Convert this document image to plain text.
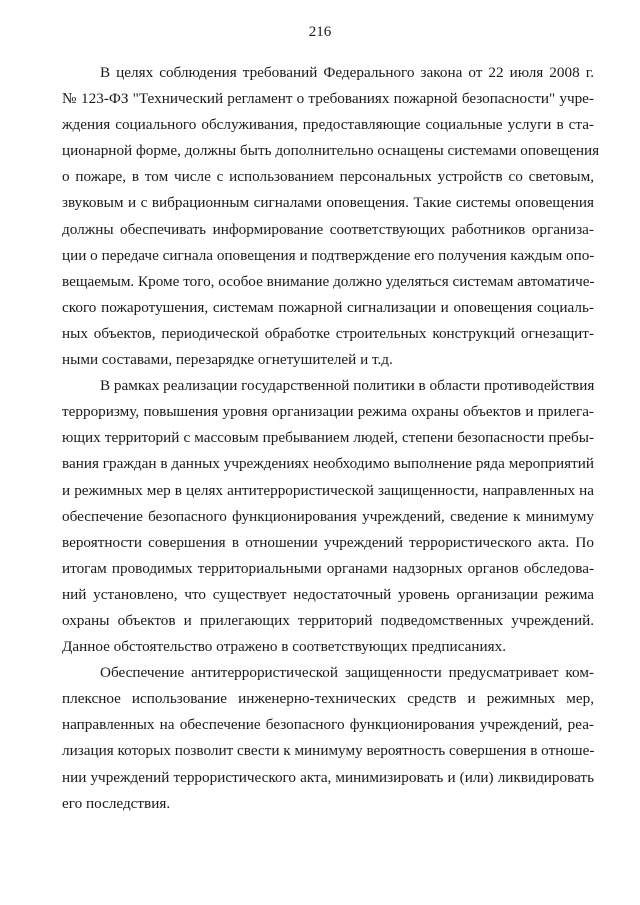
216
В целях соблюдения требований Федерального закона от 22 июля 2008 г.
№ 123-ФЗ "Технический регламент о требованиях пожарной безопасности" учре-
ждения социального обслуживания, предоставляющие социальные услуги в ста-
ционарной форме, должны быть дополнительно оснащены системами оповещения
о пожаре, в том числе с использованием персональных устройств со световым,
звуковым и с вибрационным сигналами оповещения. Такие системы оповещения
должны обеспечивать информирование соответствующих работников организа-
ции о передаче сигнала оповещения и подтверждение его получения каждым опо-
вещаемым. Кроме того, особое внимание должно уделяться системам автоматиче-
ского пожаротушения, системам пожарной сигнализации и оповещения социаль-
ных объектов, периодической обработке строительных конструкций огнезащит-
ными составами, перезарядке огнетушителей и т.д.
В рамках реализации государственной политики в области противодействия
терроризму, повышения уровня организации режима охраны объектов и прилега-
ющих территорий с массовым пребыванием людей, степени безопасности пребы-
вания граждан в данных учреждениях необходимо выполнение ряда мероприятий
и режимных мер в целях антитеррористической защищенности, направленных на
обеспечение безопасного функционирования учреждений, сведение к минимуму
вероятности совершения в отношении учреждений террористического акта. По
итогам проводимых территориальными органами надзорных органов обследова-
ний установлено, что существует недостаточный уровень организации режима
охраны объектов и прилегающих территорий подведомственных учреждений.
Данное обстоятельство отражено в соответствующих предписаниях.
Обеспечение антитеррористической защищенности предусматривает ком-
плексное использование инженерно-технических средств и режимных мер,
направленных на обеспечение безопасного функционирования учреждений, реа-
лизация которых позволит свести к минимуму вероятность совершения в отноше-
нии учреждений террористического акта, минимизировать и (или) ликвидировать
его последствия.
